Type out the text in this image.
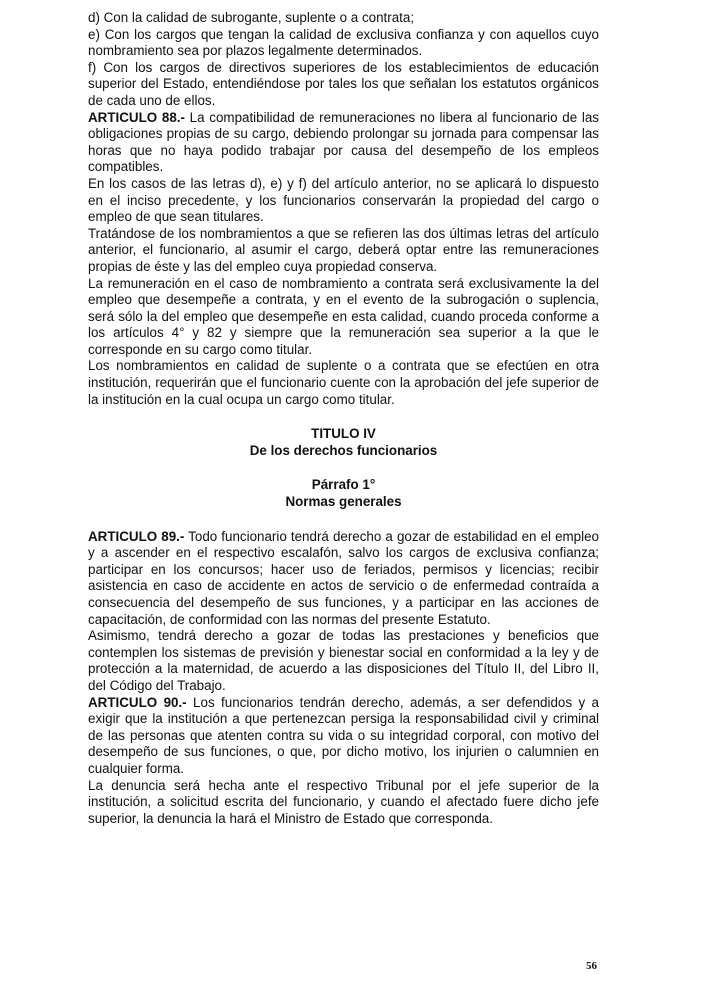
d) Con la calidad de subrogante, suplente o a contrata;

e) Con los cargos que tengan la calidad de exclusiva confianza y con aquellos cuyo nombramiento sea por plazos legalmente determinados.

f) Con los cargos de directivos superiores de los establecimientos de educación superior del Estado, entendiéndose por tales los que señalan los estatutos orgánicos de cada uno de ellos.

ARTICULO 88.- La compatibilidad de remuneraciones no libera al funcionario de las obligaciones propias de su cargo, debiendo prolongar su jornada para compensar las horas que no haya podido trabajar por causa del desempeño de los empleos compatibles.

En los casos de las letras d), e) y f) del artículo anterior, no se aplicará lo dispuesto en el inciso precedente, y los funcionarios conservarán la propiedad del cargo o empleo de que sean titulares.

Tratándose de los nombramientos a que se refieren las dos últimas letras del artículo anterior, el funcionario, al asumir el cargo, deberá optar entre las remuneraciones propias de éste y las del empleo cuya propiedad conserva.

La remuneración en el caso de nombramiento a contrata será exclusivamente la del empleo que desempeñe a contrata, y en el evento de la subrogación o suplencia, será sólo la del empleo que desempeñe en esta calidad, cuando proceda conforme a los artículos 4° y 82 y siempre que la remuneración sea superior a la que le corresponde en su cargo como titular.

Los nombramientos en calidad de suplente o a contrata que se efectúen en otra institución, requerirán que el funcionario cuente con la aprobación del jefe superior de la institución en la cual ocupa un cargo como titular.

TITULO IV

De los derechos funcionarios

Párrafo 1°

Normas generales

ARTICULO 89.- Todo funcionario tendrá derecho a gozar de estabilidad en el empleo y a ascender en el respectivo escalafón, salvo los cargos de exclusiva confianza; participar en los concursos; hacer uso de feriados, permisos y licencias; recibir asistencia en caso de accidente en actos de servicio o de enfermedad contraída a consecuencia del desempeño de sus funciones, y a participar en las acciones de capacitación, de conformidad con las normas del presente Estatuto.

Asimismo, tendrá derecho a gozar de todas las prestaciones y beneficios que contemplen los sistemas de previsión y bienestar social en conformidad a la ley y de protección a la maternidad, de acuerdo a las disposiciones del Título II, del Libro II, del Código del Trabajo.

ARTICULO 90.- Los funcionarios tendrán derecho, además, a ser defendidos y a exigir que la institución a que pertenezcan persiga la responsabilidad civil y criminal de las personas que atenten contra su vida o su integridad corporal, con motivo del desempeño de sus funciones, o que, por dicho motivo, los injurien o calumnien en cualquier forma.

La denuncia será hecha ante el respectivo Tribunal por el jefe superior de la institución, a solicitud escrita del funcionario, y cuando el afectado fuere dicho jefe superior, la denuncia la hará el Ministro de Estado que corresponda.

56
